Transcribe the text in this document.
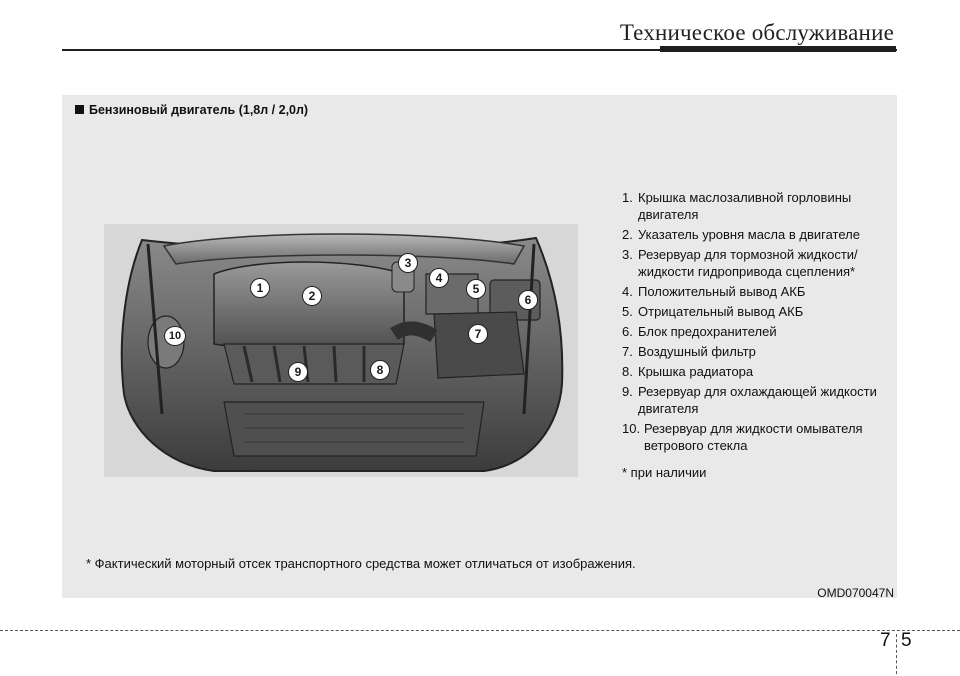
Техническое обслуживание
Бензиновый двигатель (1,8л / 2,0л)
1
2
3
4
5
6
7
8
9
10
1. Крышка маслозаливной горловины двигателя
2. Указатель уровня масла в двигателе
3. Резервуар для тормозной жидкости/жидкости гидропривода сцепления*
4. Положительный вывод АКБ
5. Отрицательный вывод АКБ
6. Блок предохранителей
7. Воздушный фильтр
8. Крышка радиатора
9. Резервуар для охлаждающей жидкости двигателя
10. Резервуар для жидкости омывателя ветрового стекла
* при наличии
* Фактический моторный отсек транспортного средства может отличаться от изображения.
OMD070047N
7 5
